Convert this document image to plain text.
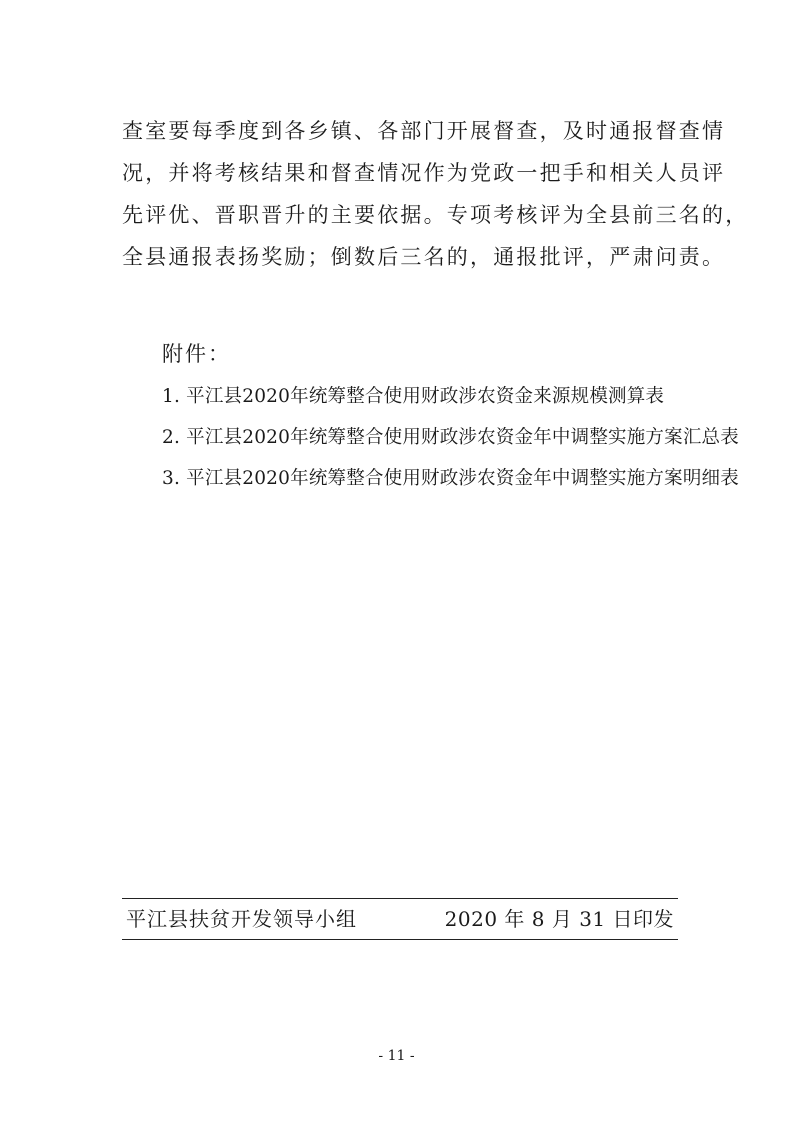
查室要每季度到各乡镇、各部门开展督查，及时通报督查情
况，并将考核结果和督查情况作为党政一把手和相关人员评
先评优、晋职晋升的主要依据。专项考核评为全县前三名的，
全县通报表扬奖励；倒数后三名的，通报批评，严肃问责。
附件：
1. 平江县2020年统筹整合使用财政涉农资金来源规模测算表
2. 平江县2020年统筹整合使用财政涉农资金年中调整实施方案汇总表
3. 平江县2020年统筹整合使用财政涉农资金年中调整实施方案明细表
平江县扶贫开发领导小组	2020 年 8 月 31 日印发
- 11 -
